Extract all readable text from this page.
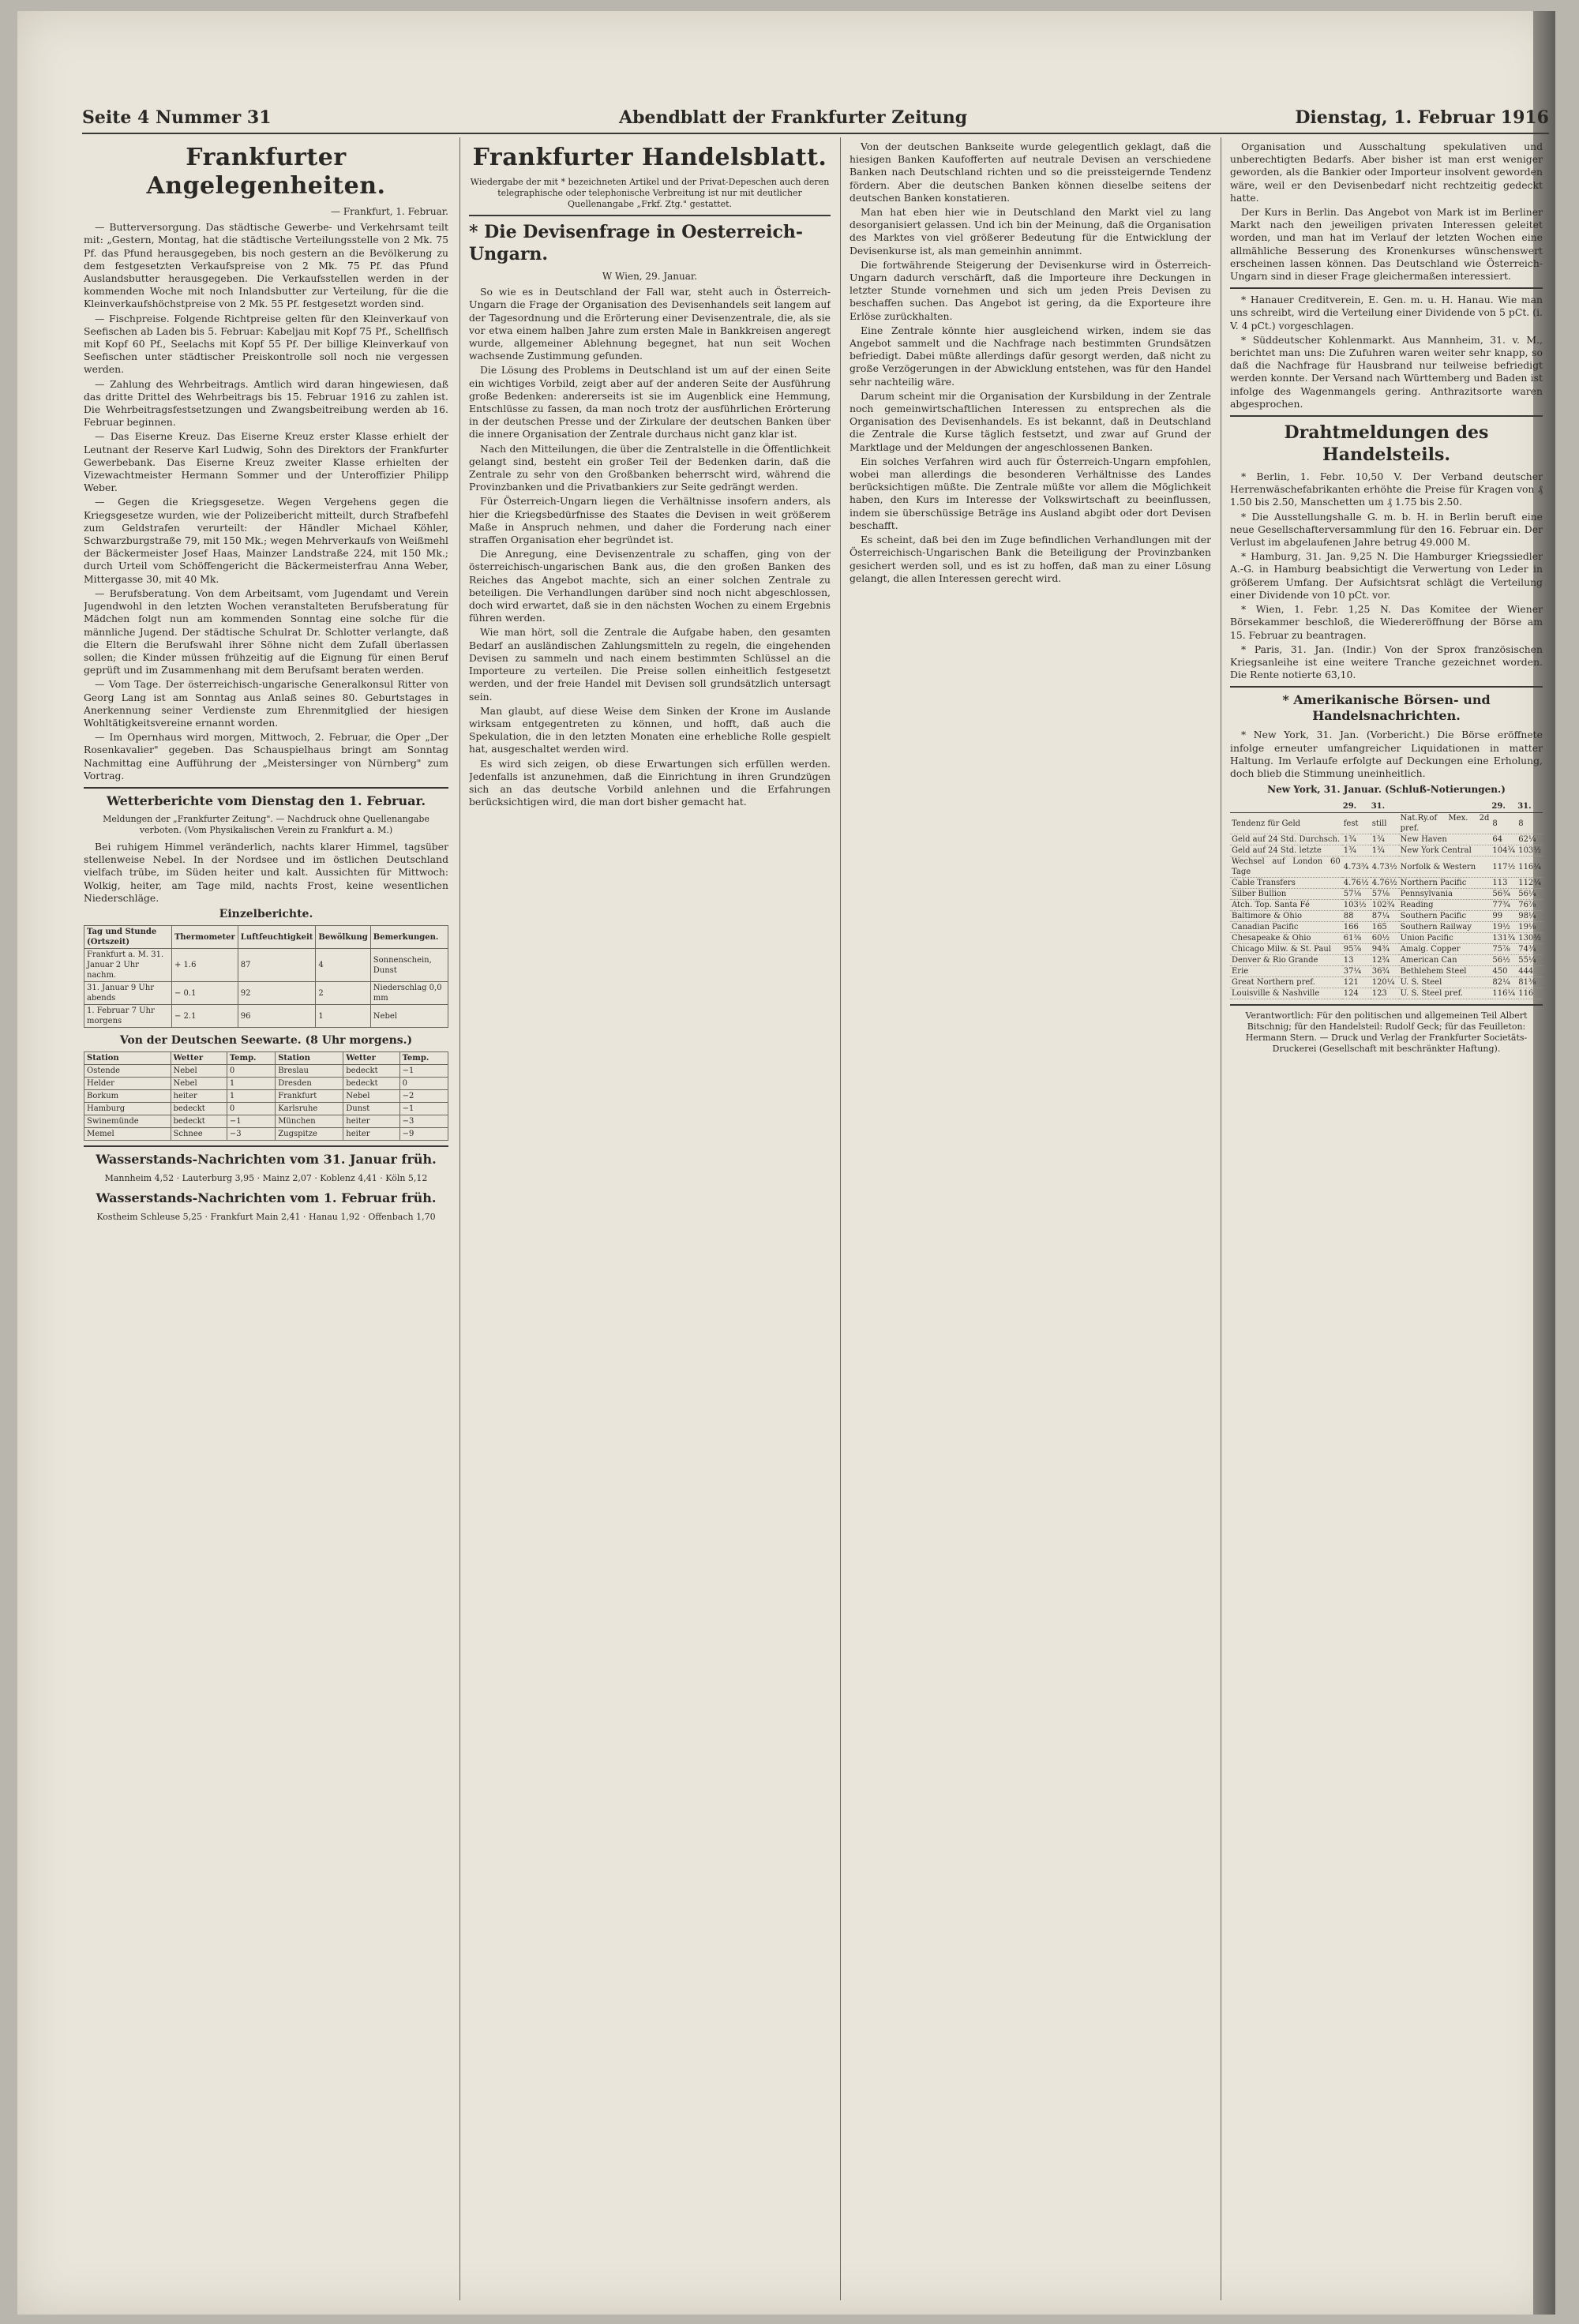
Seite 4 Nummer 31	Abendblatt der Frankfurter Zeitung	Dienstag, 1. Februar 1916
Frankfurter Angelegenheiten.
— Frankfurt, 1. Februar.

— Butterversorgung. Das städtische Gewerbe- und Verkehrsamt teilt mit: „Gestern, Montag, hat die städtische Verteilungsstelle von 2 Mk. 75 Pf. das Pfund herausgegeben, bis noch gestern an die Bevölkerung zu dem festgesetzten Verkaufspreise von 2 Mk. 75 Pf. das Pfund Auslandsbutter herausgegeben. Die Verkaufsstellen werden in der kommenden Woche mit noch Inlandsbutter zur Verteilung, für die die Kleinverkaufshöchstpreise von 2 Mk. 55 Pf. festgesetzt worden sind.

— Fischpreise. Folgende Richtpreise gelten für den Kleinverkauf von Seefischen ab Laden bis 5. Februar: Kabeljau mit Kopf 75 Pf., Schellfisch mit Kopf 60 Pf., Seelachs mit Kopf 55 Pf. Der billige Kleinverkauf von Seefischen unter städtischer Preiskontrolle soll noch nie vergessen werden.

— Zahlung des Wehrbeitrags. Amtlich wird daran hingewiesen, daß das dritte Drittel des Wehrbeitrags bis 15. Februar 1916 zu zahlen ist. Die Wehrbeitragsfestsetzungen und Zwangsbeitreibung werden ab 16. Februar beginnen.

— Das Eiserne Kreuz. Das Eiserne Kreuz erster Klasse erhielt der Leutnant der Reserve Karl Ludwig, Sohn des Direktors der Frankfurter Gewerbebank. Das Eiserne Kreuz zweiter Klasse erhielten der Vizewachtmeister Hermann Sommer und der Unteroffizier Philipp Weber.

— Gegen die Kriegsgesetze. Wegen Vergehens gegen die Kriegsgesetze wurden, wie der Polizeibericht mitteilt, durch Strafbefehl zum Geldstrafen verurteilt: der Händler Michael Köhler, Schwarzburgstraße 79, mit 150 Mk.; wegen Mehrverkaufs von Weißmehl der Bäckermeister Josef Haas, Mainzer Landstraße 224, mit 150 Mk.; durch Urteil vom Schöffengericht die Bäckermeisterfrau Anna Weber, Mittergasse 30, mit 40 Mk.

— Berufsberatung. Von dem Arbeitsamt, vom Jugendamt und Verein Jugendwohl in den letzten Wochen veranstalteten Berufsberatung für Mädchen folgt nun am kommenden Sonntag eine solche für die männliche Jugend. Der städtische Schulrat Dr. Schlotter verlangte, daß die Eltern die Berufswahl ihrer Söhne nicht dem Zufall überlassen sollen; die Kinder müssen frühzeitig auf die Eignung für einen Beruf geprüft und im Zusammenhang mit dem Berufsamt beraten werden.

— Vom Tage. Der österreichisch-ungarische Generalkonsul Ritter von Georg Lang ist am Sonntag aus Anlaß seines 80. Geburtstages in Anerkennung seiner Verdienste zum Ehrenmitglied der hiesigen Wohltätigkeitsvereine ernannt worden.

— Im Opernhaus wird morgen, Mittwoch, 2. Februar, die Oper „Der Rosenkavalier" gegeben. Das Schauspielhaus bringt am Sonntag Nachmittag eine Aufführung der „Meistersinger von Nürnberg" zum Vortrag.

Wetterberichte vom Dienstag den 1. Februar.
Meldungen der „Frankfurter Zeitung". — Nachdruck ohne Quellenangabe verboten. (Vom Physikalischen Verein zu Frankfurt a. M.)

Bei ruhigem Himmel veränderlich, nachts klarer Himmel, tagsüber stellenweise Nebel. In der Nordsee und im östlichen Deutschland vielfach trübe, im Süden heiter und kalt. Aussichten für Mittwoch: Wolkig, heiter, am Tage mild, nachts Frost, keine wesentlichen Niederschläge.

Einzelberichte.
Tag und Stunde (Ortszeit)	Thermometer	Luftfeuchtigkeit	Bewölkung	Bemerkungen.
Frankfurt a. M. 31. Januar 2 Uhr nachm.	+ 1.6	87	4	Sonnenschein, Dunst
31. Januar 9 Uhr abends	− 0.1	92	2	Niederschlag 0,0 mm
1. Februar 7 Uhr morgens	− 2.1	96	1	Nebel
Von der Deutschen Seewarte. (8 Uhr morgens.)
Station	Wetter	Temp.	Station	Wetter	Temp.
Ostende	Nebel	0	Breslau	bedeckt	−1
Helder	Nebel	1	Dresden	bedeckt	0
Borkum	heiter	1	Frankfurt	Nebel	−2
Hamburg	bedeckt	0	Karlsruhe	Dunst	−1
Swinemünde	bedeckt	−1	München	heiter	−3
Memel	Schnee	−3	Zugspitze	heiter	−9
Wasserstands-Nachrichten vom 31. Januar früh.
Mannheim 4,52 · Lauterburg 3,95 · Mainz 2,07 · Koblenz 4,41 · Köln 5,12
Wasserstands-Nachrichten vom 1. Februar früh.
Kostheim Schleuse 5,25 · Frankfurt Main 2,41 · Hanau 1,92 · Offenbach 1,70
Frankfurter Handelsblatt.
Wiedergabe der mit * bezeichneten Artikel und der Privat-Depeschen auch deren telegraphische oder telephonische Verbreitung ist nur mit deutlicher Quellenangabe „Frkf. Ztg." gestattet.
* Die Devisenfrage in Oesterreich-Ungarn.
W Wien, 29. Januar.

So wie es in Deutschland der Fall war, steht auch in Österreich-Ungarn die Frage der Organisation des Devisenhandels seit langem auf der Tagesordnung und die Erörterung einer Devisenzentrale, die, als sie vor etwa einem halben Jahre zum ersten Male in Bankkreisen angeregt wurde, allgemeiner Ablehnung begegnet, hat nun seit Wochen wachsende Zustimmung gefunden.

Die Lösung des Problems in Deutschland ist um auf der einen Seite ein wichtiges Vorbild, zeigt aber auf der anderen Seite der Ausführung große Bedenken: andererseits ist sie im Augenblick eine Hemmung, Entschlüsse zu fassen, da man noch trotz der ausführlichen Erörterung in der deutschen Presse und der Zirkulare der deutschen Banken über die innere Organisation der Zentrale durchaus nicht ganz klar ist.

Nach den Mitteilungen, die über die Zentralstelle in die Öffentlichkeit gelangt sind, besteht ein großer Teil der Bedenken darin, daß die Zentrale zu sehr von den Großbanken beherrscht wird, während die Provinzbanken und die Privatbankiers zur Seite gedrängt werden.

Für Österreich-Ungarn liegen die Verhältnisse insofern anders, als hier die Kriegsbedürfnisse des Staates die Devisen in weit größerem Maße in Anspruch nehmen, und daher die Forderung nach einer straffen Organisation eher begründet ist.

Die Anregung, eine Devisenzentrale zu schaffen, ging von der österreichisch-ungarischen Bank aus, die den großen Banken des Reiches das Angebot machte, sich an einer solchen Zentrale zu beteiligen. Die Verhandlungen darüber sind noch nicht abgeschlossen, doch wird erwartet, daß sie in den nächsten Wochen zu einem Ergebnis führen werden.

Wie man hört, soll die Zentrale die Aufgabe haben, den gesamten Bedarf an ausländischen Zahlungsmitteln zu regeln, die eingehenden Devisen zu sammeln und nach einem bestimmten Schlüssel an die Importeure zu verteilen. Die Preise sollen einheitlich festgesetzt werden, und der freie Handel mit Devisen soll grundsätzlich untersagt sein.

Man glaubt, auf diese Weise dem Sinken der Krone im Auslande wirksam entgegentreten zu können, und hofft, daß auch die Spekulation, die in den letzten Monaten eine erhebliche Rolle gespielt hat, ausgeschaltet werden wird.

Es wird sich zeigen, ob diese Erwartungen sich erfüllen werden. Jedenfalls ist anzunehmen, daß die Einrichtung in ihren Grundzügen sich an das deutsche Vorbild anlehnen und die Erfahrungen berücksichtigen wird, die man dort bisher gemacht hat.

Von der deutschen Bankseite wurde gelegentlich geklagt, daß die hiesigen Banken Kaufofferten auf neutrale Devisen an verschiedene Banken nach Deutschland richten und so die preissteigernde Tendenz fördern. Aber die deutschen Banken können dieselbe seitens der deutschen Banken konstatieren.

Man hat eben hier wie in Deutschland den Markt viel zu lang desorganisiert gelassen. Und ich bin der Meinung, daß die Organisation des Marktes von viel größerer Bedeutung für die Entwicklung der Devisenkurse ist, als man gemeinhin annimmt.

Die fortwährende Steigerung der Devisenkurse wird in Österreich-Ungarn dadurch verschärft, daß die Importeure ihre Deckungen in letzter Stunde vornehmen und sich um jeden Preis Devisen zu beschaffen suchen. Das Angebot ist gering, da die Exporteure ihre Erlöse zurückhalten.

Eine Zentrale könnte hier ausgleichend wirken, indem sie das Angebot sammelt und die Nachfrage nach bestimmten Grundsätzen befriedigt. Dabei müßte allerdings dafür gesorgt werden, daß nicht zu große Verzögerungen in der Abwicklung entstehen, was für den Handel sehr nachteilig wäre.

Darum scheint mir die Organisation der Kursbildung in der Zentrale noch gemeinwirtschaftlichen Interessen zu entsprechen als die Organisation des Devisenhandels. Es ist bekannt, daß in Deutschland die Zentrale die Kurse täglich festsetzt, und zwar auf Grund der Marktlage und der Meldungen der angeschlossenen Banken.

Ein solches Verfahren wird auch für Österreich-Ungarn empfohlen, wobei man allerdings die besonderen Verhältnisse des Landes berücksichtigen müßte. Die Zentrale müßte vor allem die Möglichkeit haben, den Kurs im Interesse der Volkswirtschaft zu beeinflussen, indem sie überschüssige Beträge ins Ausland abgibt oder dort Devisen beschafft.

Es scheint, daß bei den im Zuge befindlichen Verhandlungen mit der Österreichisch-Ungarischen Bank die Beteiligung der Provinzbanken gesichert werden soll, und es ist zu hoffen, daß man zu einer Lösung gelangt, die allen Interessen gerecht wird.

Organisation und Ausschaltung spekulativen und unberechtigten Bedarfs. Aber bisher ist man erst weniger geworden, als die Bankier oder Importeur insolvent geworden wäre, weil er den Devisenbedarf nicht rechtzeitig gedeckt hatte.

Der Kurs in Berlin. Das Angebot von Mark ist im Berliner Markt nach den jeweiligen privaten Interessen geleitet worden, und man hat im Verlauf der letzten Wochen eine allmähliche Besserung des Kronenkurses wünschenswert erscheinen lassen können. Das Deutschland wie Österreich-Ungarn sind in dieser Frage gleichermaßen interessiert.

* Hanauer Creditverein, E. Gen. m. u. H. Hanau. Wie man uns schreibt, wird die Verteilung einer Dividende von 5 pCt. (i. V. 4 pCt.) vorgeschlagen.

* Süddeutscher Kohlenmarkt. Aus Mannheim, 31. v. M., berichtet man uns: Die Zufuhren waren weiter sehr knapp, so daß die Nachfrage für Hausbrand nur teilweise befriedigt werden konnte. Der Versand nach Württemberg und Baden ist infolge des Wagenmangels gering. Anthrazitsorte waren abgesprochen.

Drahtmeldungen des Handelsteils.

* Berlin, 1. Febr. 10,50 V. Der Verband deutscher Herrenwäschefabrikanten erhöhte die Preise für Kragen von ₰ 1.50 bis 2.50, Manschetten um ₰ 1.75 bis 2.50.

* Die Ausstellungshalle G. m. b. H. in Berlin beruft eine neue Gesellschafterversammlung für den 16. Februar ein. Der Verlust im abgelaufenen Jahre betrug 49.000 M.

* Hamburg, 31. Jan. 9,25 N. Die Hamburger Kriegssiedler A.-G. in Hamburg beabsichtigt die Verwertung von Leder in größerem Umfang. Der Aufsichtsrat schlägt die Verteilung einer Dividende von 10 pCt. vor.

* Wien, 1. Febr. 1,25 N. Das Komitee der Wiener Börsekammer beschloß, die Wiedereröffnung der Börse am 15. Februar zu beantragen.

* Paris, 31. Jan. (Indir.) Von der Sprox französischen Kriegsanleihe ist eine weitere Tranche gezeichnet worden. Die Rente notierte 63,10.

* Amerikanische Börsen- und Handelsnachrichten.

* New York, 31. Jan. (Vorbericht.) Die Börse eröffnete infolge erneuter umfangreicher Liquidationen in matter Haltung. Im Verlaufe erfolgte auf Deckungen eine Erholung, doch blieb die Stimmung uneinheitlich.

New York, 31. Januar. (Schluß-Notierungen.)
	29.	31.		29.	31.
Tendenz für Geld	fest	still	Nat.Ry.of Mex. 2d pref.	8	8
Geld auf 24 Std. Durchsch.	1¾	1¾	New Haven	64	62¼
Geld auf 24 Std. letzte	1¾	1¾	New York Central	104¾	103½
Wechsel auf London 60 Tage	4.73¾	4.73½	Norfolk & Western	117½	116¼
Cable Transfers	4.76½	4.76½	Northern Pacific	113	112¼
Silber Bullion	57⅛	57⅛	Pennsylvania	56¾	56¼
Atch. Top. Santa Fé	103½	102¾	Reading	77¾	76⅞
Baltimore & Ohio	88	87¼	Southern Pacific	99	98¼
Canadian Pacific	166	165	Southern Railway	19½	19⅛
Chesapeake & Ohio	61⅜	60½	Union Pacific	131¾	130½
Chicago Milw. & St. Paul	95⅞	94¾	Amalg. Copper	75⅞	74¾
Denver & Rio Grande	13	12¾	American Can	56½	55¼
Erie	37¼	36¾	Bethlehem Steel	450	444
Great Northern pref.	121	120¼	U. S. Steel	82¼	81⅜
Louisville & Nashville	124	123	U. S. Steel pref.	116¼	116
Verantwortlich: Für den politischen und allgemeinen Teil Albert Bitschnig; für den Handelsteil: Rudolf Geck; für das Feuilleton: Hermann Stern. — Druck und Verlag der Frankfurter Societäts-Druckerei (Gesellschaft mit beschränkter Haftung).
